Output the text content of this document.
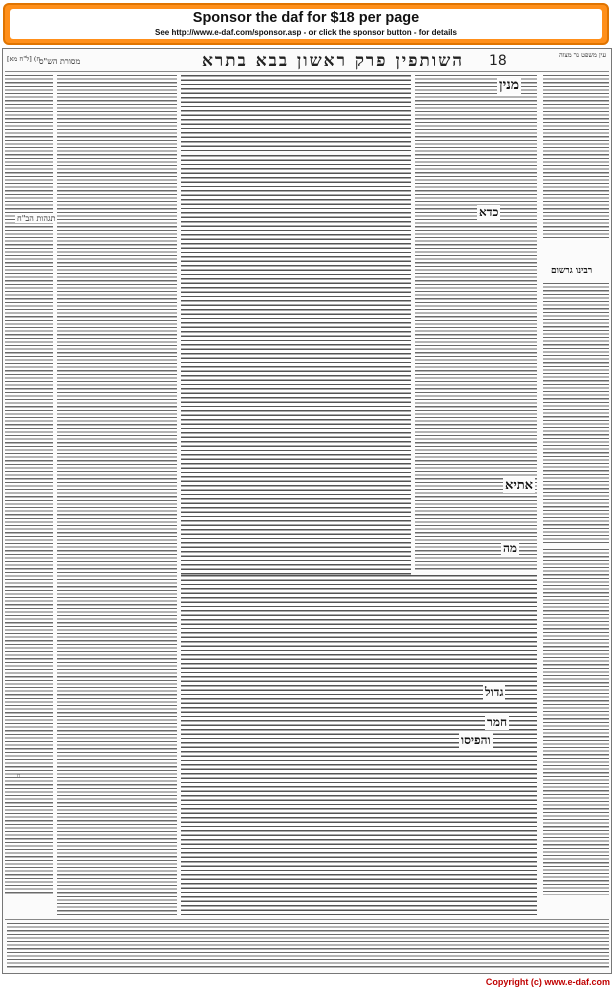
Sponsor the daf for $18 per page
See http://www.e-daf.com/sponsor.asp - or click the sponsor button - for details
ח) [ל"ח מא]
מסורת הש"ס	השותפין פרק ראשון בבא בתרא	18	עין משפט נר מצוה
ח
תגהות הב"ח
מנין
כדא
אתיא
מה
גדול
חמר
והפיסו
רבינו גרשום
Copyright (c) www.e-daf.com
